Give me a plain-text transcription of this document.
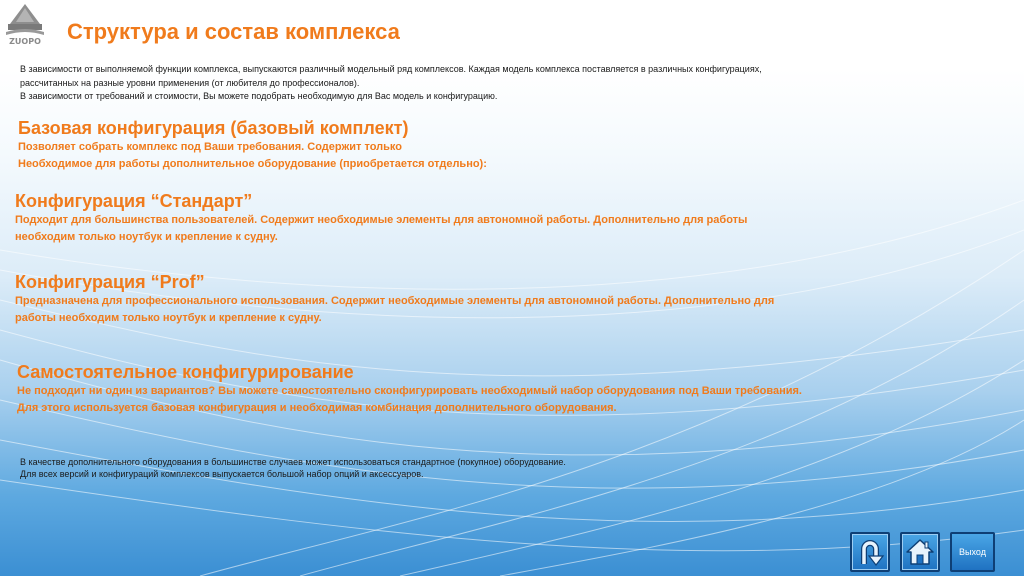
ZUOPO Структура и состав комплекса

В зависимости от выполняемой функции комплекса, выпускаются различный модельный ряд комплексов. Каждая модель комплекса поставляется в различных конфигурациях,

рассчитанных на разные уровни применения (от любителя до профессионалов).

В зависимости от требований и стоимости, Вы можете подобрать необходимую для Вас модель и конфигурацию.

Базовая конфигурация (базовый комплект)
Позволяет собрать комплекс под Ваши требования. Содержит только
Необходимое для работы дополнительное оборудование (приобретается отдельно):
Конфигурация “Стандарт”
Подходит для большинства пользователей. Содержит необходимые элементы для автономной работы. Дополнительно для работы
необходим только ноутбук и крепление к судну.
Конфигурация “Prof”
Предназначена для профессионального использования. Содержит необходимые элементы для автономной работы. Дополнительно для
работы необходим только ноутбук и крепление к судну.
Самостоятельное конфигурирование
Не подходит ни один из вариантов? Вы можете самостоятельно сконфигурировать необходимый набор оборудования под Ваши требования.
Для этого используется базовая конфигурация и необходимая комбинация дополнительного оборудования.

В качестве дополнительного оборудования в большинстве случаев может использоваться стандартное (покупное) оборудование.

Для всех версий и конфигураций комплексов выпускается большой набор опций и аксессуаров.

Выход
